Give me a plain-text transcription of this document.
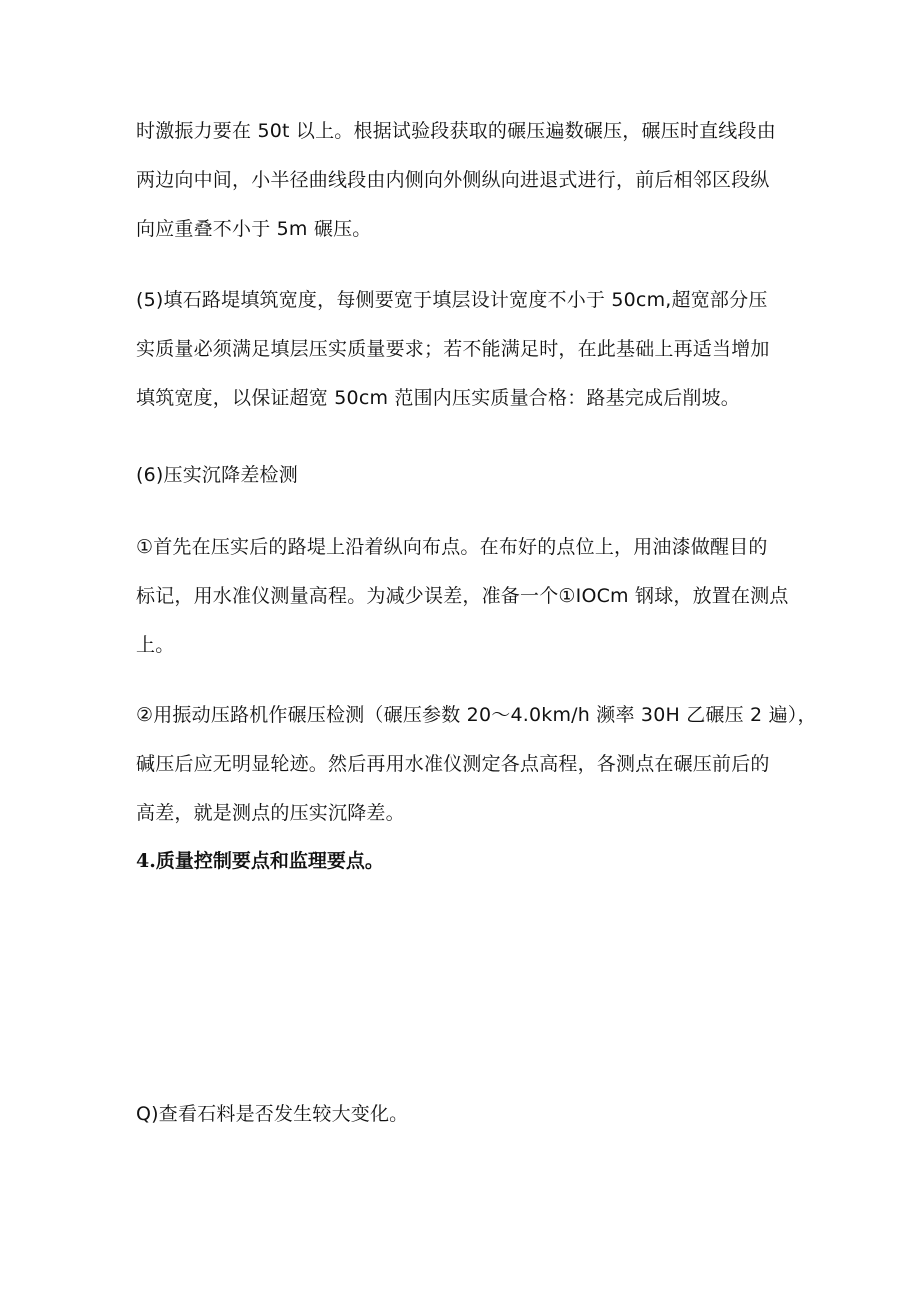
时激振力要在 50t 以上。根据试验段获取的碾压遍数碾压，碾压时直线段由
两边向中间，小半径曲线段由内侧向外侧纵向进退式进行，前后相邻区段纵
向应重叠不小于 5m 碾压。

(5)填石路堤填筑宽度，每侧要宽于填层设计宽度不小于 50cm,超宽部分压
实质量必须满足填层压实质量要求；若不能满足时，在此基础上再适当增加
填筑宽度，以保证超宽 50cm 范围内压实质量合格：路基完成后削坡。

(6)压实沉降差检测

①首先在压实后的路堤上沿着纵向布点。在布好的点位上，用油漆做醒目的
标记，用水准仪测量高程。为减少误差，准备一个①IOCm 钢球，放置在测点
上。

②用振动压路机作碾压检测（碾压参数 20～4.0km/h 濒率 30H 乙碾压 2 遍），
碱压后应无明显轮迹。然后再用水准仪测定各点高程，各测点在碾压前后的
高差，就是测点的压实沉降差。

4.质量控制要点和监理要点。

Q)查看石料是否发生较大变化。
